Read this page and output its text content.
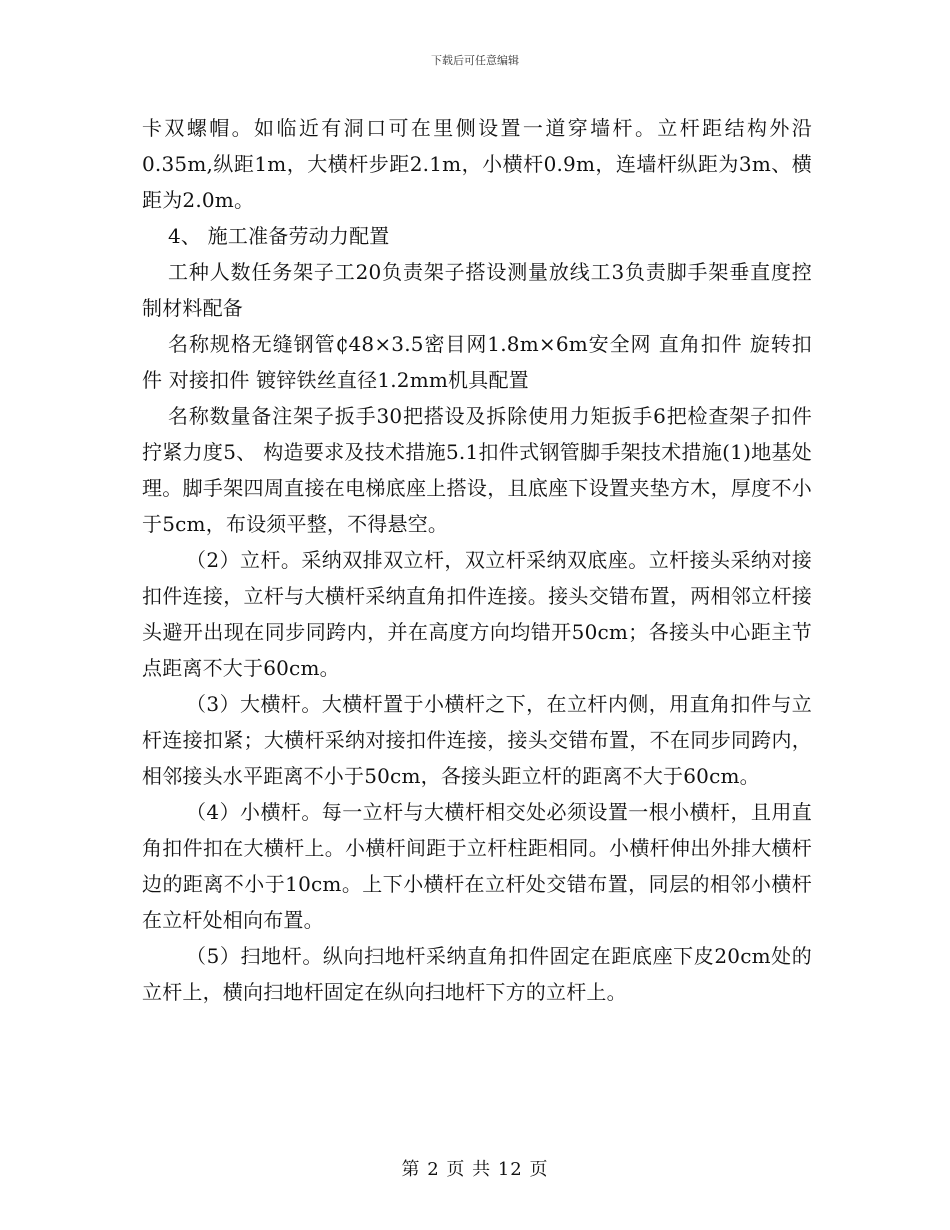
下载后可任意编辑

卡双螺帽。如临近有洞口可在里侧设置一道穿墙杆。立杆距结构外沿0.35m,纵距1m，大横杆步距2.1m，小横杆0.9m，连墙杆纵距为3m、横距为2.0m。

4、 施工准备劳动力配置

工种人数任务架子工20负责架子搭设测量放线工3负责脚手架垂直度控制材料配备

名称规格无缝钢管₵48×3.5密目网1.8m×6m安全网 直角扣件 旋转扣件 对接扣件 镀锌铁丝直径1.2mm机具配置

名称数量备注架子扳手30把搭设及拆除使用力矩扳手6把检查架子扣件拧紧力度5、 构造要求及技术措施5.1扣件式钢管脚手架技术措施(1)地基处理。脚手架四周直接在电梯底座上搭设，且底座下设置夹垫方木，厚度不小于5cm，布设须平整，不得悬空。

（2）立杆。采纳双排双立杆，双立杆采纳双底座。立杆接头采纳对接扣件连接，立杆与大横杆采纳直角扣件连接。接头交错布置，两相邻立杆接头避开出现在同步同跨内，并在高度方向均错开50cm；各接头中心距主节点距离不大于60cm。

（3）大横杆。大横杆置于小横杆之下，在立杆内侧，用直角扣件与立杆连接扣紧；大横杆采纳对接扣件连接，接头交错布置，不在同步同跨内，相邻接头水平距离不小于50cm，各接头距立杆的距离不大于60cm。

（4）小横杆。每一立杆与大横杆相交处必须设置一根小横杆，且用直角扣件扣在大横杆上。小横杆间距于立杆柱距相同。小横杆伸出外排大横杆边的距离不小于10cm。上下小横杆在立杆处交错布置，同层的相邻小横杆在立杆处相向布置。

（5）扫地杆。纵向扫地杆采纳直角扣件固定在距底座下皮20cm处的立杆上，横向扫地杆固定在纵向扫地杆下方的立杆上。

第 2 页 共 12 页
